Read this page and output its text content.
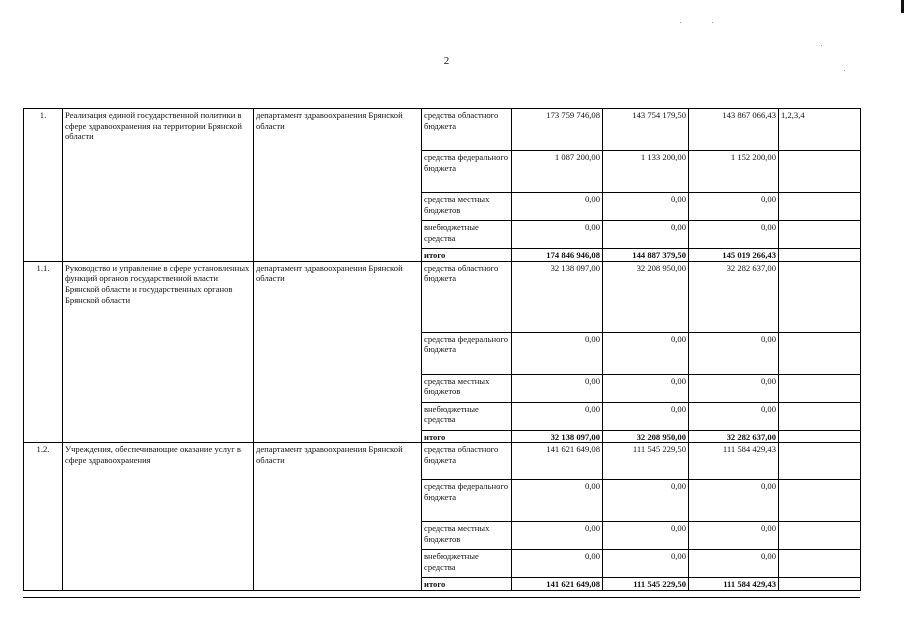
2
1.	Реализация единой государственной политики в сфере здравоохранения на территории Брянской области	департамент здравоохранения Брянской области	средства областного бюджета	173 759 746,08	143 754 179,50	143 867 066,43	1,2,3,4
			средства федерального бюджета	1 087 200,00	1 133 200,00	1 152 200,00	
			средства местных бюджетов	0,00	0,00	0,00	
			внебюджетные средства	0,00	0,00	0,00	
			итого	174 846 946,08	144 887 379,50	145 019 266,43	
1.1.	Руководство и управление в сфере установленных функций органов государственной власти Брянской области и государственных органов Брянской области	департамент здравоохранения Брянской области	средства областного бюджета	32 138 097,00	32 208 950,00	32 282 637,00	
			средства федерального бюджета	0,00	0,00	0,00	
			средства местных бюджетов	0,00	0,00	0,00	
			внебюджетные средства	0,00	0,00	0,00	
			итого	32 138 097,00	32 208 950,00	32 282 637,00	
1.2.	Учреждения, обеспечивающие оказание услуг в сфере здравоохранения	департамент здравоохранения Брянской области	средства областного бюджета	141 621 649,08	111 545 229,50	111 584 429,43	
			средства федерального бюджета	0,00	0,00	0,00	
			средства местных бюджетов	0,00	0,00	0,00	
			внебюджетные средства	0,00	0,00	0,00	
			итого	141 621 649,08	111 545 229,50	111 584 429,43	
